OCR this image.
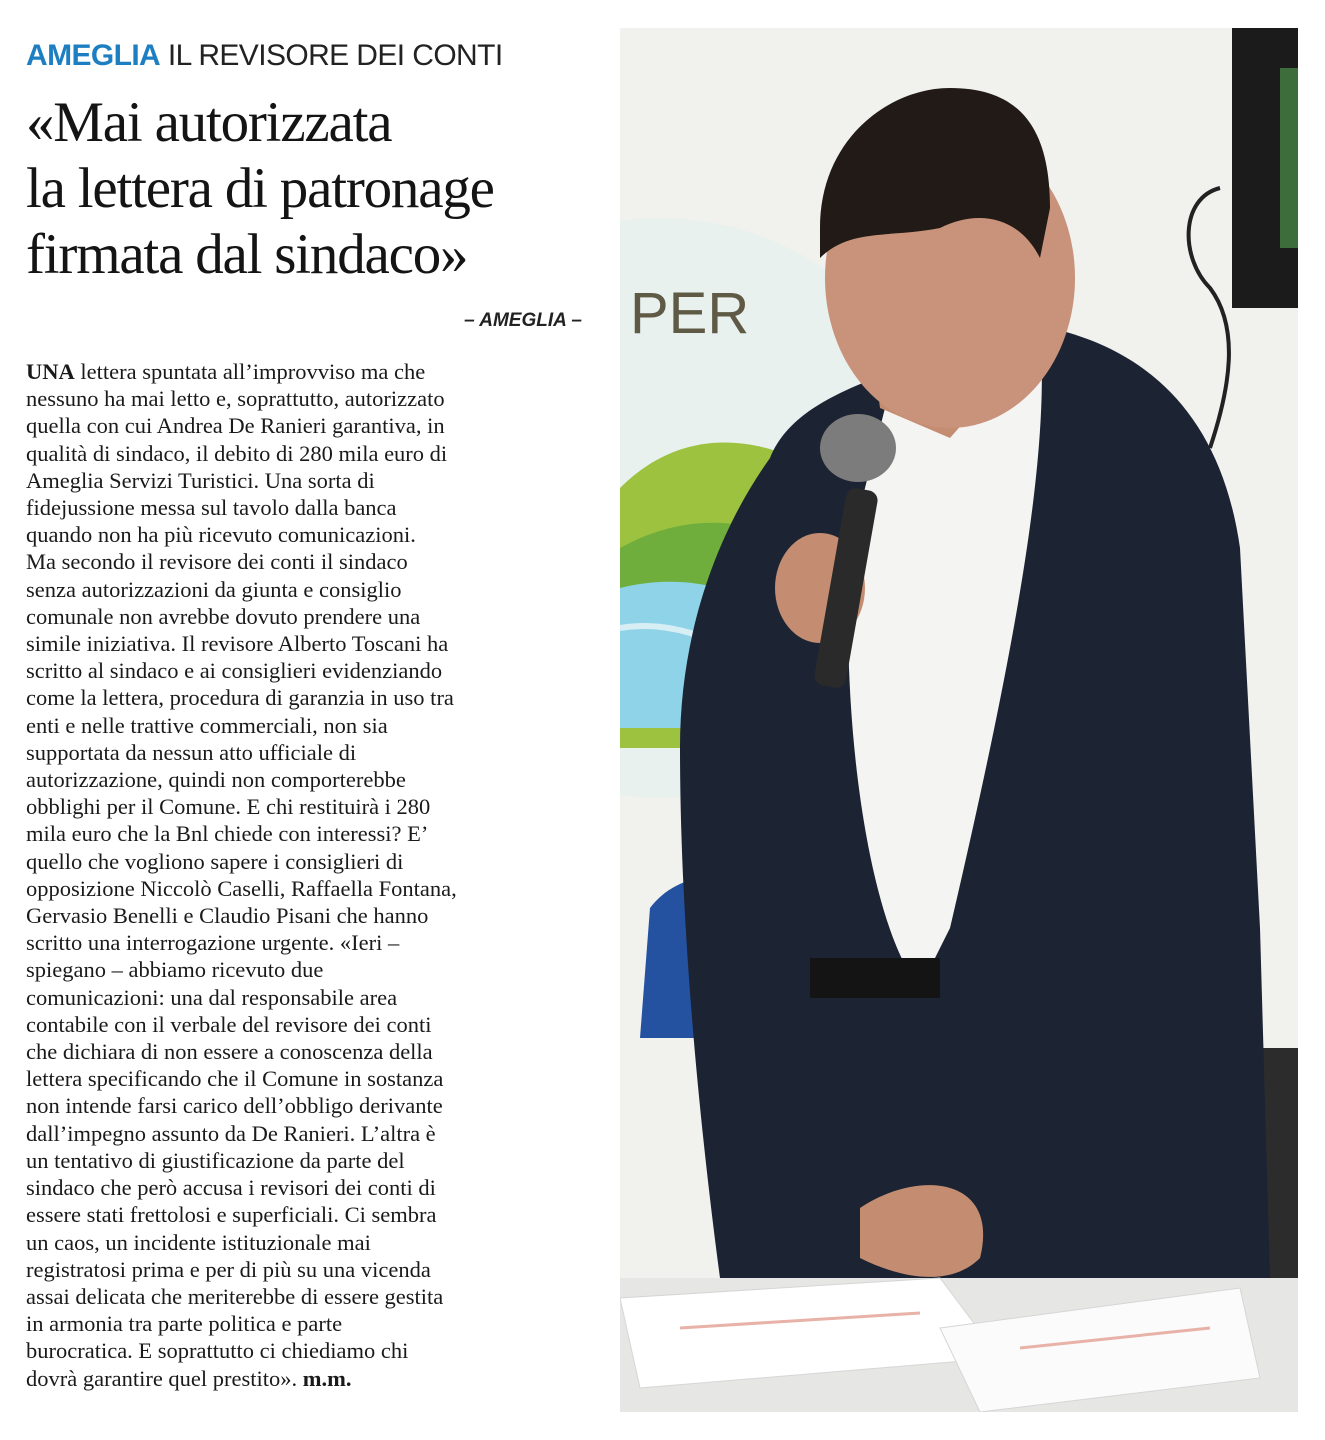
AMEGLIA IL REVISORE DEI CONTI
«Mai autorizzata
la lettera di patronage
firmata dal sindaco»
– AMEGLIA –
UNA lettera spuntata all’improvviso ma che
nessuno ha mai letto e, soprattutto, autorizzato
quella con cui Andrea De Ranieri garantiva, in
qualità di sindaco, il debito di 280 mila euro di
Ameglia Servizi Turistici. Una sorta di
fidejussione messa sul tavolo dalla banca
quando non ha più ricevuto comunicazioni.
Ma secondo il revisore dei conti il sindaco
senza autorizzazioni da giunta e consiglio
comunale non avrebbe dovuto prendere una
simile iniziativa. Il revisore Alberto Toscani ha
scritto al sindaco e ai consiglieri evidenziando
come la lettera, procedura di garanzia in uso tra
enti e nelle trattive commerciali, non sia
supportata da nessun atto ufficiale di
autorizzazione, quindi non comporterebbe
obblighi per il Comune. E chi restituirà i 280
mila euro che la Bnl chiede con interessi? E’
quello che vogliono sapere i consiglieri di
opposizione Niccolò Caselli, Raffaella Fontana,
Gervasio Benelli e Claudio Pisani che hanno
scritto una interrogazione urgente. «Ieri –
spiegano – abbiamo ricevuto due
comunicazioni: una dal responsabile area
contabile con il verbale del revisore dei conti
che dichiara di non essere a conoscenza della
lettera specificando che il Comune in sostanza
non intende farsi carico dell’obbligo derivante
dall’impegno assunto da De Ranieri. L’altra è
un tentativo di giustificazione da parte del
sindaco che però accusa i revisori dei conti di
essere stati frettolosi e superficiali. Ci sembra
un caos, un incidente istituzionale mai
registratosi prima e per di più su una vicenda
assai delicata che meriterebbe di essere gestita
in armonia tra parte politica e parte
burocratica. E soprattutto ci chiediamo chi
dovrà garantire quel prestito». m.m.
PER
